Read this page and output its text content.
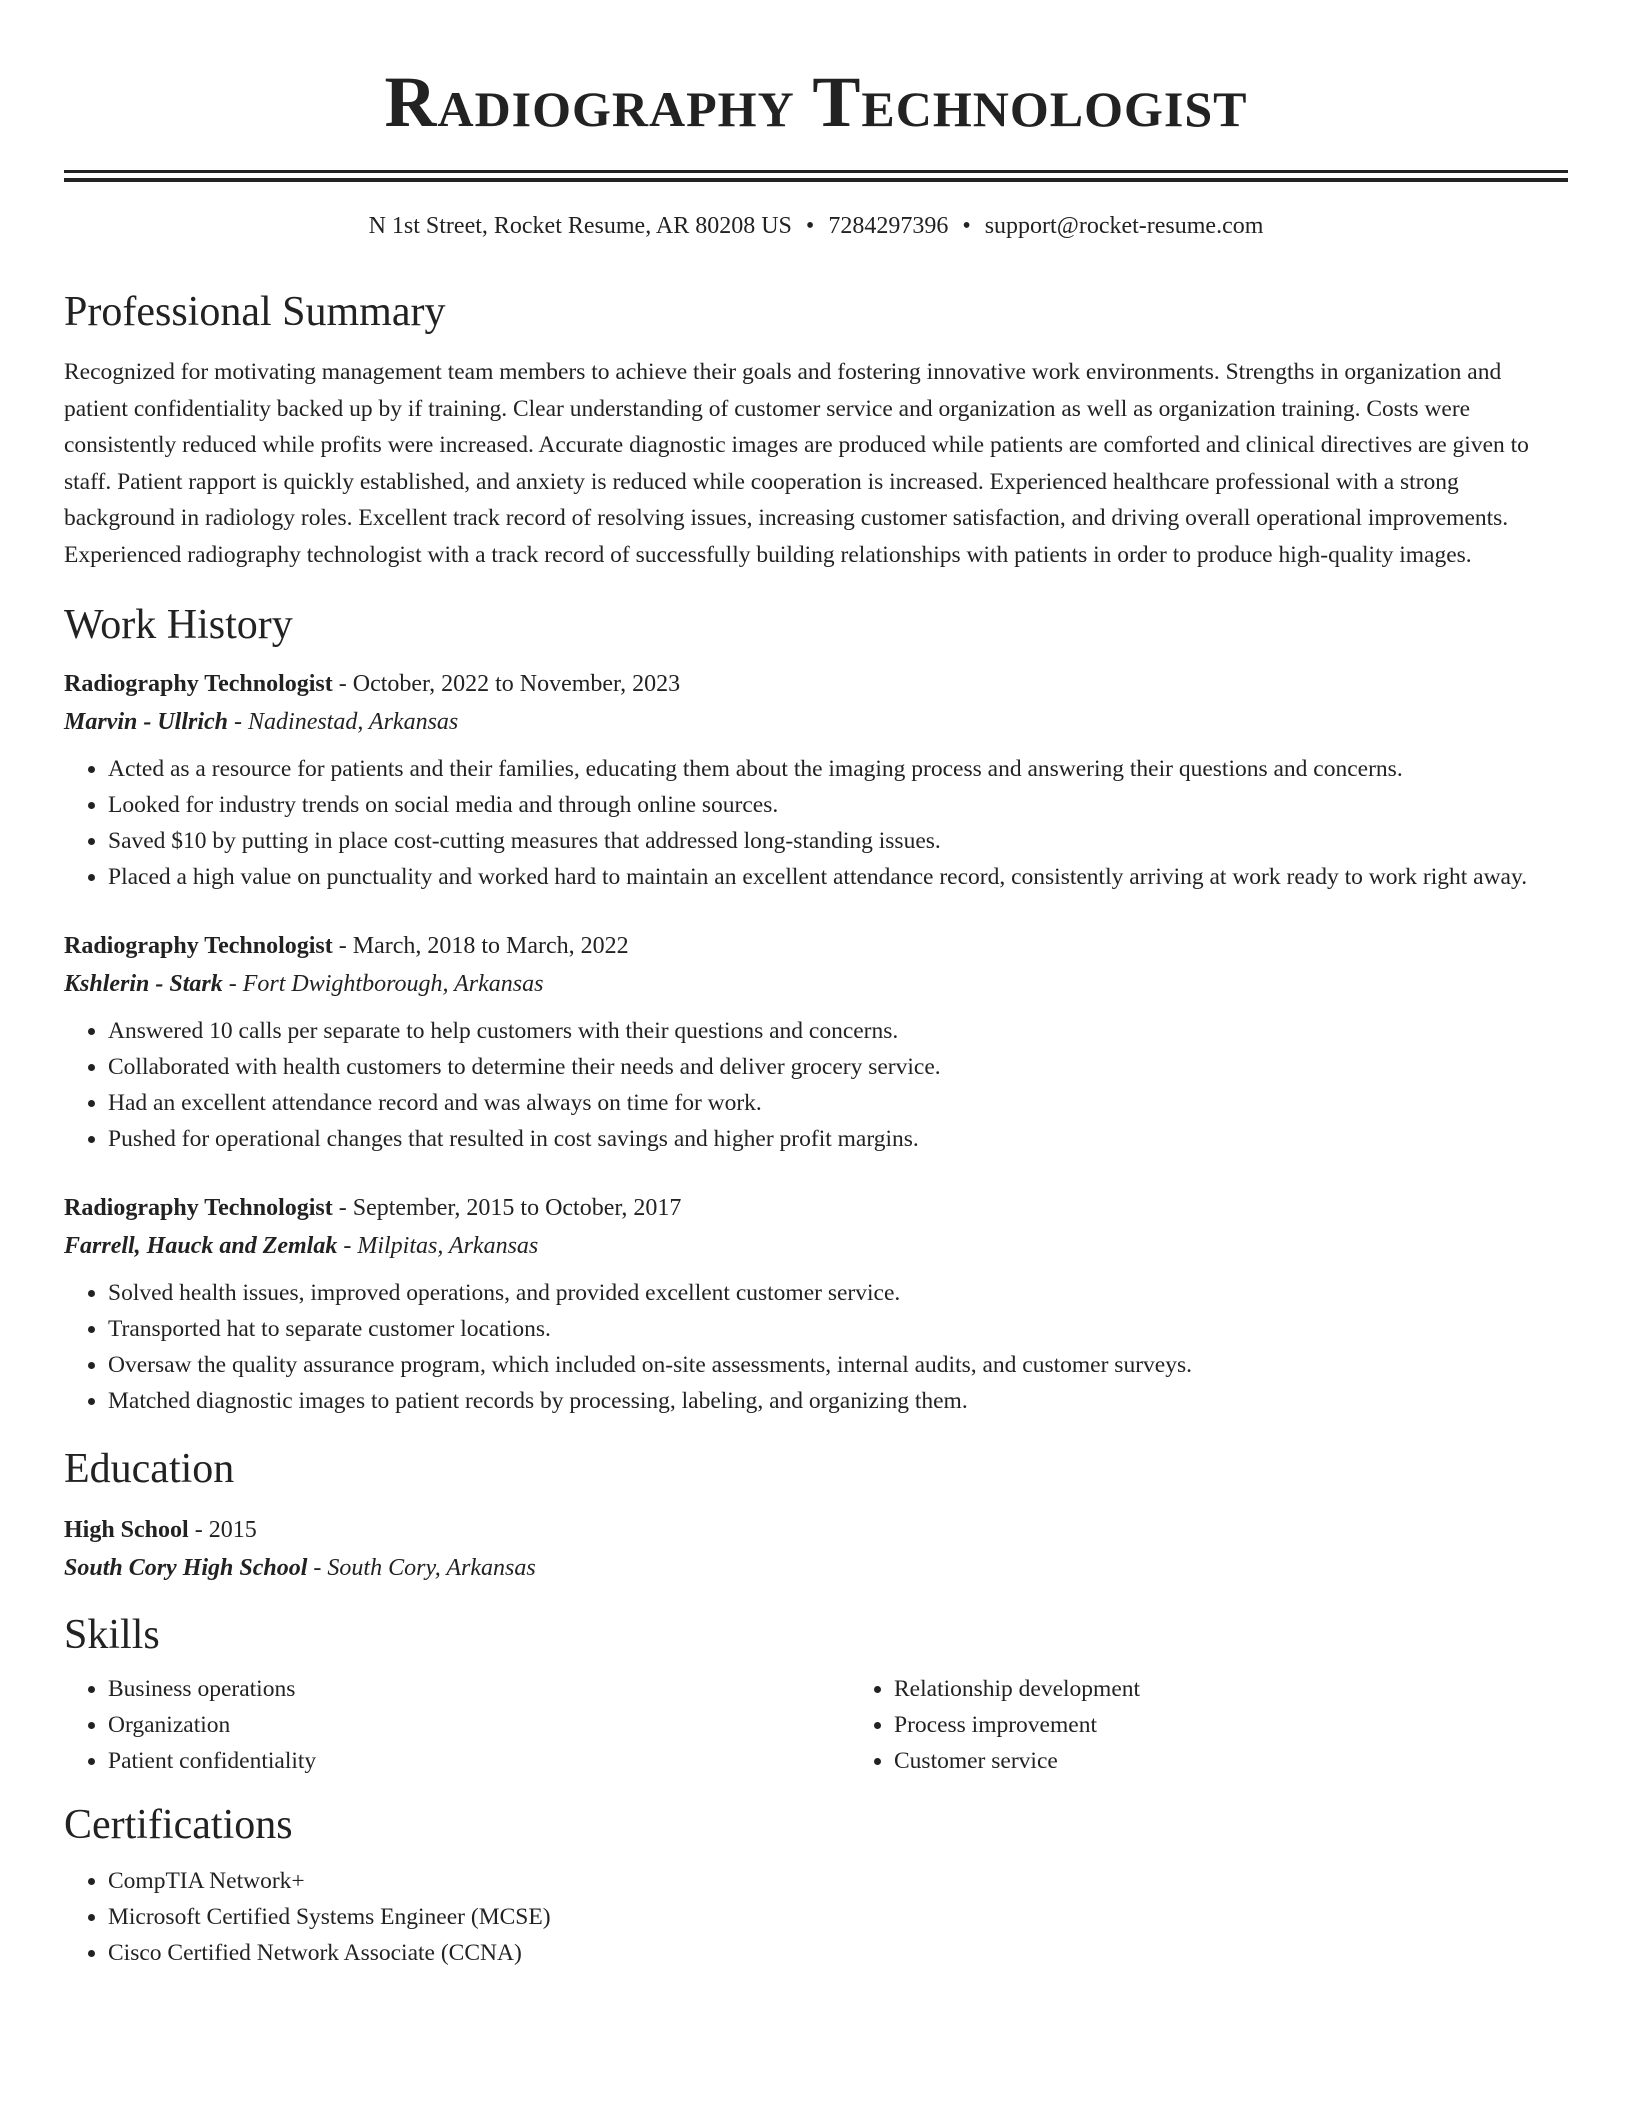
Radiography Technologist
N 1st Street, Rocket Resume, AR 80208 US • 7284297396 • support@rocket-resume.com
Professional Summary
Recognized for motivating management team members to achieve their goals and fostering innovative work environments. Strengths in organization and patient confidentiality backed up by if training. Clear understanding of customer service and organization as well as organization training. Costs were consistently reduced while profits were increased. Accurate diagnostic images are produced while patients are comforted and clinical directives are given to staff. Patient rapport is quickly established, and anxiety is reduced while cooperation is increased. Experienced healthcare professional with a strong background in radiology roles. Excellent track record of resolving issues, increasing customer satisfaction, and driving overall operational improvements. Experienced radiography technologist with a track record of successfully building relationships with patients in order to produce high-quality images.
Work History
Radiography Technologist - October, 2022 to November, 2023
Marvin - Ullrich - Nadinestad, Arkansas
• Acted as a resource for patients and their families, educating them about the imaging process and answering their questions and concerns.
• Looked for industry trends on social media and through online sources.
• Saved $10 by putting in place cost-cutting measures that addressed long-standing issues.
• Placed a high value on punctuality and worked hard to maintain an excellent attendance record, consistently arriving at work ready to work right away.
Radiography Technologist - March, 2018 to March, 2022
Kshlerin - Stark - Fort Dwightborough, Arkansas
• Answered 10 calls per separate to help customers with their questions and concerns.
• Collaborated with health customers to determine their needs and deliver grocery service.
• Had an excellent attendance record and was always on time for work.
• Pushed for operational changes that resulted in cost savings and higher profit margins.
Radiography Technologist - September, 2015 to October, 2017
Farrell, Hauck and Zemlak - Milpitas, Arkansas
• Solved health issues, improved operations, and provided excellent customer service.
• Transported hat to separate customer locations.
• Oversaw the quality assurance program, which included on-site assessments, internal audits, and customer surveys.
• Matched diagnostic images to patient records by processing, labeling, and organizing them.
Education
High School - 2015
South Cory High School - South Cory, Arkansas
Skills
• Business operations
• Organization
• Patient confidentiality
• Relationship development
• Process improvement
• Customer service
Certifications
• CompTIA Network+
• Microsoft Certified Systems Engineer (MCSE)
• Cisco Certified Network Associate (CCNA)
